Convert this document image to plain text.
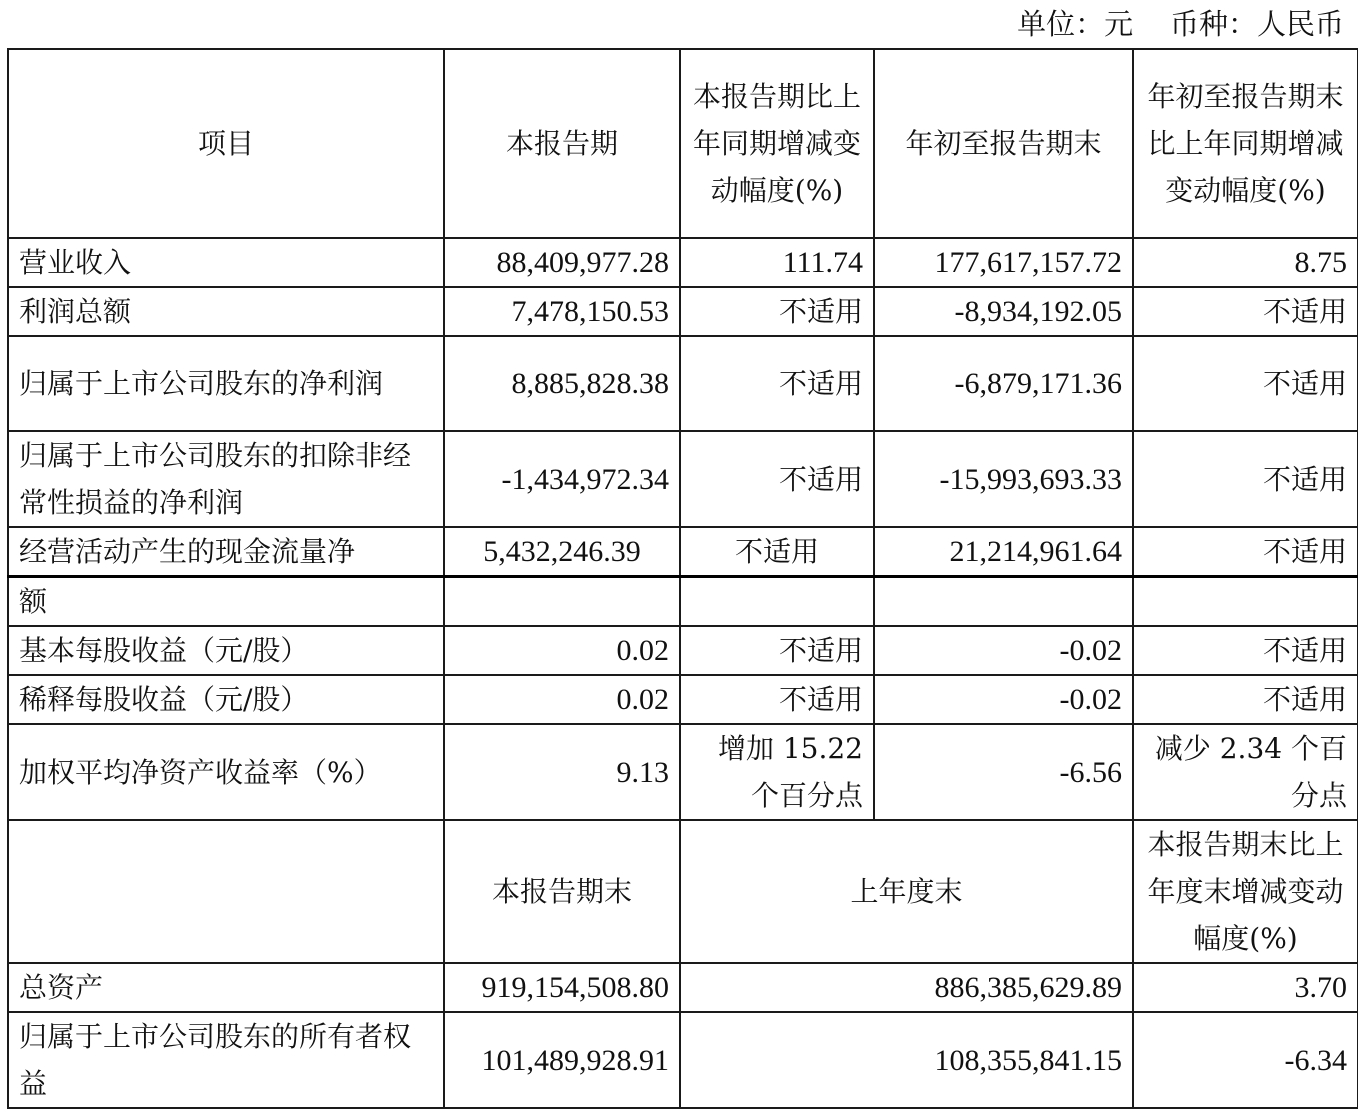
单位：元    币种：人民币
项目	本报告期	本报告期比上年同期增减变动幅度(%)	年初至报告期末	年初至报告期末比上年同期增减变动幅度(%)
营业收入	88,409,977.28	111.74	177,617,157.72	8.75
利润总额	7,478,150.53	不适用	-8,934,192.05	不适用
归属于上市公司股东的净利润	8,885,828.38	不适用	-6,879,171.36	不适用
归属于上市公司股东的扣除非经常性损益的净利润	-1,434,972.34	不适用	-15,993,693.33	不适用
经营活动产生的现金流量净	5,432,246.39	不适用	21,214,961.64	不适用
额				
基本每股收益（元/股）	0.02	不适用	-0.02	不适用
稀释每股收益（元/股）	0.02	不适用	-0.02	不适用
加权平均净资产收益率（%）	9.13	增加 15.22 个百分点	-6.56	减少 2.34 个百分点
	本报告期末	上年度末		本报告期末比上年度末增减变动幅度(%)
总资产	919,154,508.80	886,385,629.89		3.70
归属于上市公司股东的所有者权益	101,489,928.91	108,355,841.15		-6.34
